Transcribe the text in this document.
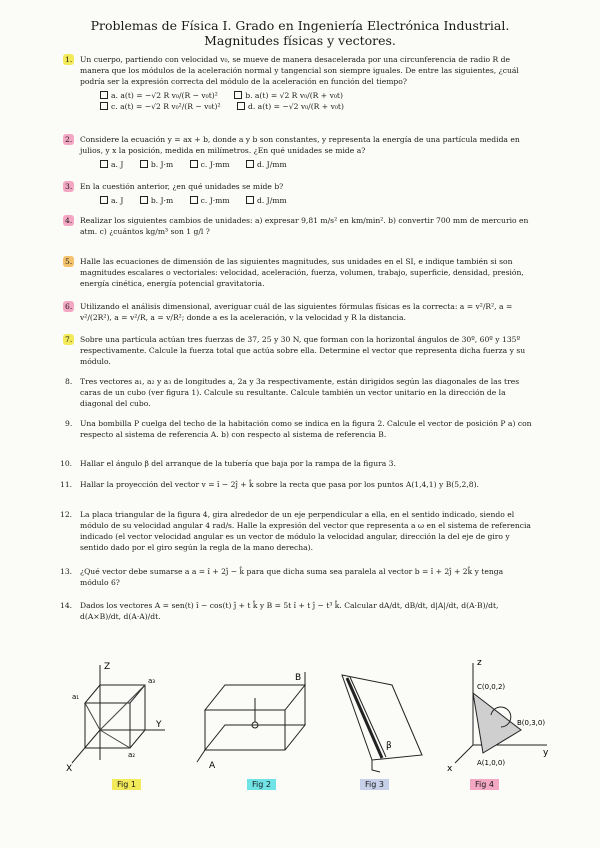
Problemas de Física I. Grado en Ingeniería Electrónica Industrial.
Magnitudes físicas y vectores.
1. Un cuerpo, partiendo con velocidad v₀, se mueve de manera desacelerada por una circunferencia de radio R de manera que los módulos de la aceleración normal y tangencial son siempre iguales. De entre las siguientes, ¿cuál podría ser la expresión correcta del módulo de la aceleración en función del tiempo?
a. a(t) = −√2 R v₀/(R − v₀t)²	b. a(t) = √2 R v₀/(R + v₀t)
c. a(t) = −√2 R v₀²/(R − v₀t)²	d. a(t) = −√2 v₀/(R + v₀t)
2. Considere la ecuación y = ax + b, donde a y b son constantes, y representa la energía de una partícula medida en julios, y x la posición, medida en milímetros. ¿En qué unidades se mide a?
a. J	b. J·m	c. J·mm	d. J/mm
3. En la cuestión anterior, ¿en qué unidades se mide b?
a. J	b. J·m	c. J·mm	d. J/mm
4. Realizar los siguientes cambios de unidades: a) expresar 9,81 m/s² en km/min². b) convertir 700 mm de mercurio en atm. c) ¿cuántos kg/m³ son 1 g/l ?
5. Halle las ecuaciones de dimensión de las siguientes magnitudes, sus unidades en el SI, e indique también si son magnitudes escalares o vectoriales: velocidad, aceleración, fuerza, volumen, trabajo, superficie, densidad, presión, energía cinética, energía potencial gravitatoria.
6. Utilizando el análisis dimensional, averiguar cuál de las siguientes fórmulas físicas es la correcta: a = v²/R², a = v²/(2R²), a = v²/R, a = v/R²; donde a es la aceleración, v la velocidad y R la distancia.
7. Sobre una partícula actúan tres fuerzas de 37, 25 y 30 N, que forman con la horizontal ángulos de 30º, 60º y 135º respectivamente. Calcule la fuerza total que actúa sobre ella. Determine el vector que representa dicha fuerza y su módulo.
8. Tres vectores a₁, a₂ y a₃ de longitudes a, 2a y 3a respectivamente, están dirigidos según las diagonales de las tres caras de un cubo (ver figura 1). Calcule su resultante. Calcule también un vector unitario en la dirección de la diagonal del cubo.
9. Una bombilla P cuelga del techo de la habitación como se indica en la figura 2. Calcule el vector de posición P a) con respecto al sistema de referencia A. b) con respecto al sistema de referencia B.
10. Hallar el ángulo β del arranque de la tubería que baja por la rampa de la figura 3.
11. Hallar la proyección del vector v = î − 2ĵ + k̂ sobre la recta que pasa por los puntos A(1,4,1) y B(5,2,8).
12. La placa triangular de la figura 4, gira alrededor de un eje perpendicular a ella, en el sentido indicado, siendo el módulo de su velocidad angular 4 rad/s. Halle la expresión del vector que representa a ω en el sistema de referencia indicado (el vector velocidad angular es un vector de módulo la velocidad angular, dirección la del eje de giro y sentido dado por el giro según la regla de la mano derecha).
13. ¿Qué vector debe sumarse a a = î + 2ĵ − k̂ para que dicha suma sea paralela al vector b = î + 2ĵ + 2k̂ y tenga módulo 6?
14. Dados los vectores A = sen(t) î − cos(t) ĵ + t k̂ y B = 5t î + t ĵ − t³ k̂. Calcular dA/dt, dB/dt, d|A|/dt, d(A·B)/dt, d(A×B)/dt, d(A·A)/dt.
Z
Y
X
a₁
a₂
a₃
Fig 1
A
B
Fig 2
β
Fig 3
z
y
x
C(0,0,2)
B(0,3,0)
A(1,0,0)
Fig 4
